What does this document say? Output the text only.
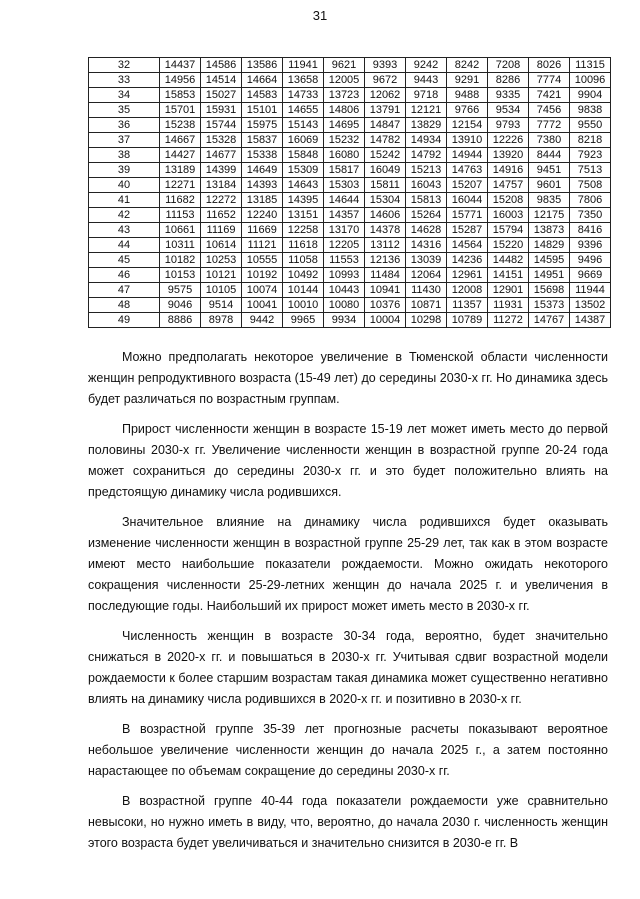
31
32	14437	14586	13586	11941	9621	9393	9242	8242	7208	8026	11315
33	14956	14514	14664	13658	12005	9672	9443	9291	8286	7774	10096
34	15853	15027	14583	14733	13723	12062	9718	9488	9335	7421	9904
35	15701	15931	15101	14655	14806	13791	12121	9766	9534	7456	9838
36	15238	15744	15975	15143	14695	14847	13829	12154	9793	7772	9550
37	14667	15328	15837	16069	15232	14782	14934	13910	12226	7380	8218
38	14427	14677	15338	15848	16080	15242	14792	14944	13920	8444	7923
39	13189	14399	14649	15309	15817	16049	15213	14763	14916	9451	7513
40	12271	13184	14393	14643	15303	15811	16043	15207	14757	9601	7508
41	11682	12272	13185	14395	14644	15304	15813	16044	15208	9835	7806
42	11153	11652	12240	13151	14357	14606	15264	15771	16003	12175	7350
43	10661	11169	11669	12258	13170	14378	14628	15287	15794	13873	8416
44	10311	10614	11121	11618	12205	13112	14316	14564	15220	14829	9396
45	10182	10253	10555	11058	11553	12136	13039	14236	14482	14595	9496
46	10153	10121	10192	10492	10993	11484	12064	12961	14151	14951	9669
47	9575	10105	10074	10144	10443	10941	11430	12008	12901	15698	11944
48	9046	9514	10041	10010	10080	10376	10871	11357	11931	15373	13502
49	8886	8978	9442	9965	9934	10004	10298	10789	11272	14767	14387

Можно предполагать некоторое увеличение в Тюменской области численности женщин репродуктивного возраста (15-49 лет) до середины 2030-х гг. Но динамика здесь будет различаться по возрастным группам.

Прирост численности женщин в возрасте 15-19 лет может иметь место до первой половины 2030-х гг. Увеличение численности женщин в возрастной группе 20-24 года может сохраниться до середины 2030-х гг. и это будет положительно влиять на предстоящую динамику числа родившихся.

Значительное влияние на динамику числа родившихся будет оказывать изменение численности женщин в возрастной группе 25-29 лет, так как в этом возрасте имеют место наибольшие показатели рождаемости. Можно ожидать некоторого сокращения численности 25-29-летних женщин до начала 2025 г. и увеличения в последующие годы. Наибольший их прирост может иметь место в 2030-х гг.

Численность женщин в возрасте 30-34 года, вероятно, будет значительно снижаться в 2020-х гг. и повышаться в 2030-х гг. Учитывая сдвиг возрастной модели рождаемости к более старшим возрастам такая динамика может существенно негативно влиять на динамику числа родившихся в 2020-х гг. и позитивно в 2030-х гг.

В возрастной группе 35-39 лет прогнозные расчеты показывают вероятное небольшое увеличение численности женщин до начала 2025 г., а затем постоянно нарастающее по объемам сокращение до середины 2030-х гг.

В возрастной группе 40-44 года показатели рождаемости уже сравнительно невысоки, но нужно иметь в виду, что, вероятно, до начала 2030 г. численность женщин этого возраста будет увеличиваться и значительно снизится в 2030-е гг. В
